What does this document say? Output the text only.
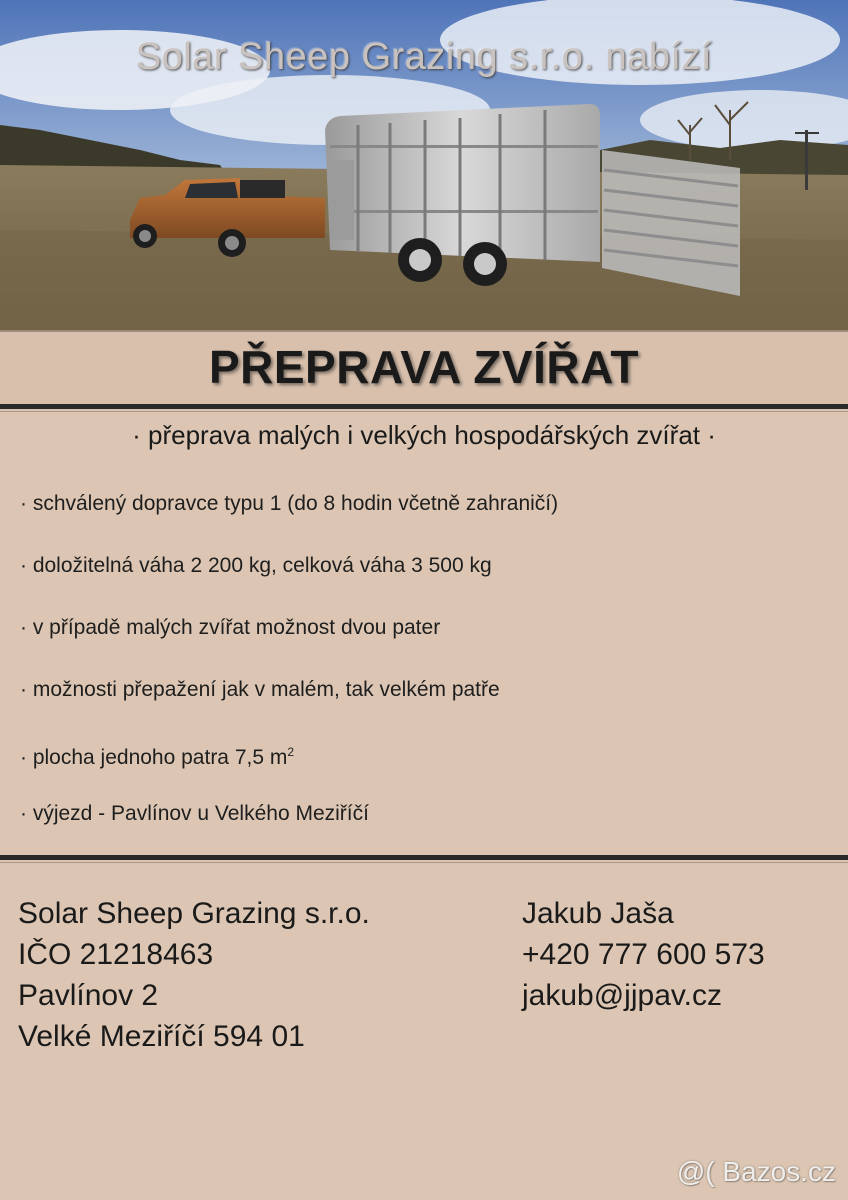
Solar Sheep Grazing s.r.o. nabízí
PŘEPRAVA ZVÍŘAT
· přeprava malých i velkých hospodářských zvířat ·
· schválený dopravce typu 1 (do 8 hodin včetně zahraničí)
· doložitelná váha 2 200 kg, celková váha 3 500 kg
· v případě malých zvířat možnost dvou pater
· možnosti přepažení jak v malém, tak velkém patře
· plocha jednoho patra 7,5 $m^2$
· výjezd - Pavlínov u Velkého Meziříčí
Solar Sheep Grazing s.r.o.
IČO 21218463
Pavlínov 2
Velké Meziříčí 594 01
Jakub Jaša
+420 777 600 573
jakub@jjpav.cz
@( Bazos.cz
